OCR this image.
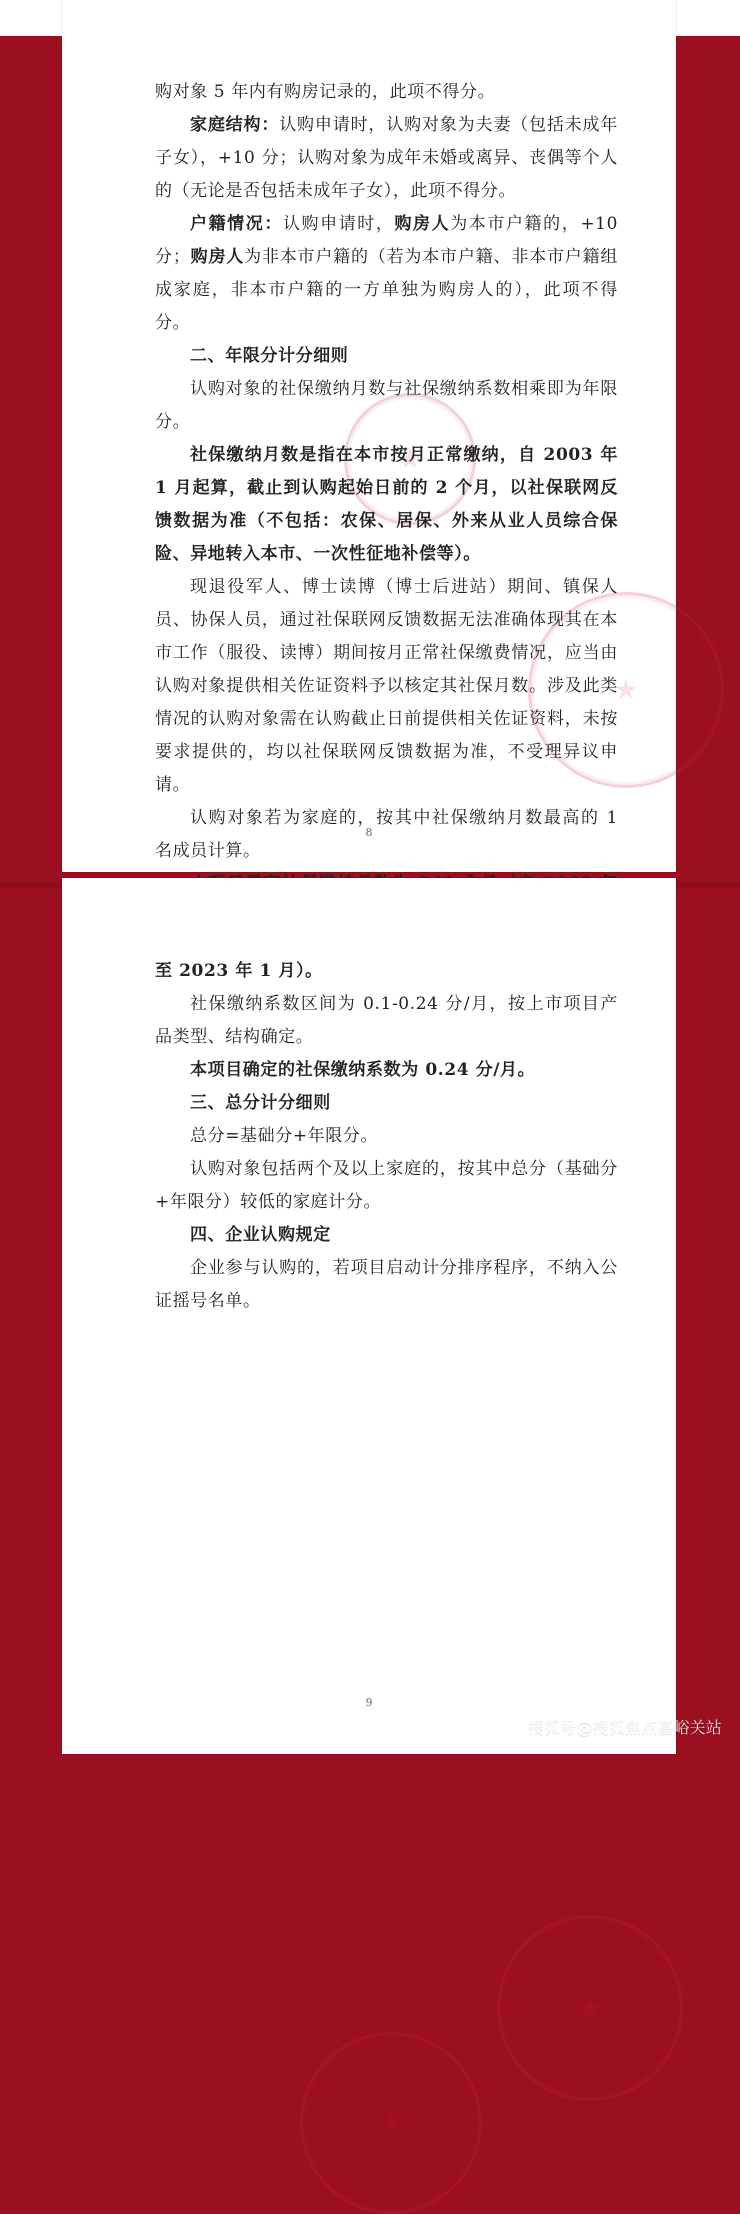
购对象 5 年内有购房记录的，此项不得分。

家庭结构：认购申请时，认购对象为夫妻（包括未成年子女），+10 分；认购对象为成年未婚或离异、丧偶等个人的（无论是否包括未成年子女），此项不得分。

户籍情况：认购申请时，购房人为本市户籍的，+10 分；购房人为非本市户籍的（若为本市户籍、非本市户籍组成家庭，非本市户籍的一方单独为购房人的），此项不得分。

二、年限分计分细则

认购对象的社保缴纳月数与社保缴纳系数相乘即为年限分。

社保缴纳月数是指在本市按月正常缴纳，自 2003 年 1 月起算，截止到认购起始日前的 2 个月，以社保联网反馈数据为准（不包括：农保、居保、外来从业人员综合保险、异地转入本市、一次性征地补偿等）。

现退役军人、博士读博（博士后进站）期间、镇保人员、协保人员，通过社保联网反馈数据无法准确体现其在本市工作（服役、读博）期间按月正常社保缴费情况，应当由认购对象提供相关佐证资料予以核定其社保月数。涉及此类情况的认购对象需在认购截止日前提供相关佐证资料，未按要求提供的，均以社保联网反馈数据为准，不受理异议申请。

认购对象若为家庭的，按其中社保缴纳月数最高的 1 名成员计算。

8

至 2023 年 1 月）。

社保缴纳系数区间为 0.1-0.24 分/月，按上市项目产品类型、结构确定。

本项目确定的社保缴纳系数为 0.24 分/月。

三、总分计分细则

总分=基础分+年限分。

认购对象包括两个及以上家庭的，按其中总分（基础分+年限分）较低的家庭计分。

四、企业认购规定

企业参与认购的，若项目启动计分排序程序，不纳入公证摇号名单。

9
搜狐号@搜狐焦点嘉峪关站
